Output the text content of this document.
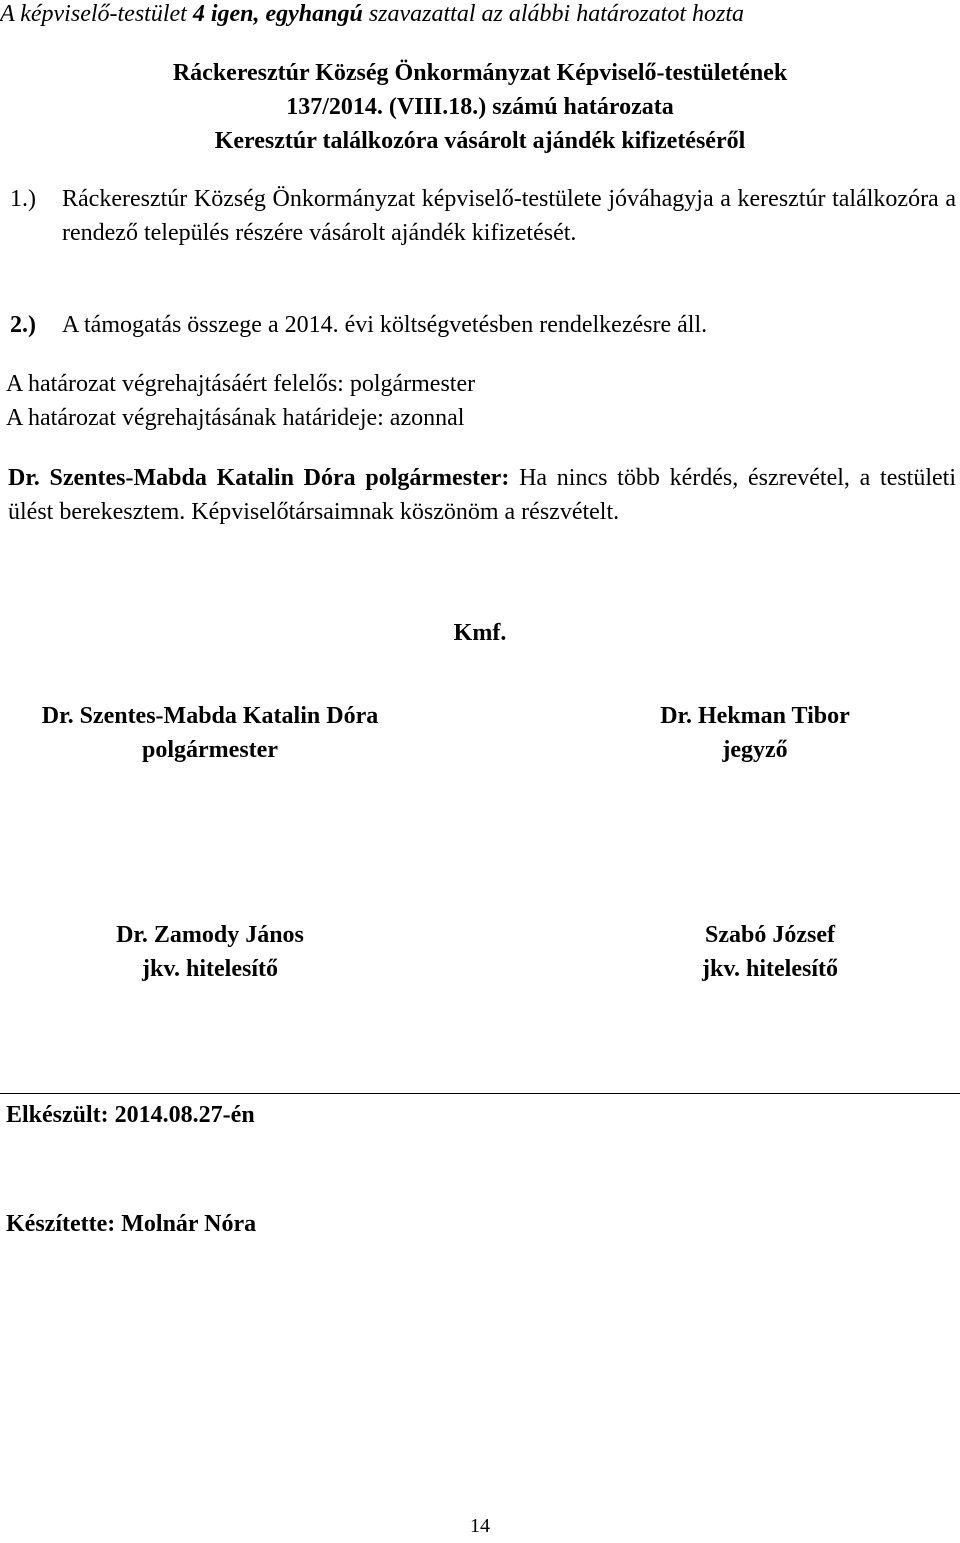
A képviselő-testület 4 igen, egyhangú szavazattal az alábbi határozatot hozta

Ráckeresztúr Község Önkormányzat Képviselő-testületének
137/2014. (VIII.18.) számú határozata
Keresztúr találkozóra vásárolt ajándék kifizetéséről
1.) Ráckeresztúr Község Önkormányzat képviselő-testülete jóváhagyja a keresztúr találkozóra a rendező település részére vásárolt ajándék kifizetését.
2.) A támogatás összege a 2014. évi költségvetésben rendelkezésre áll.

A határozat végrehajtásáért felelős: polgármester

A határozat végrehajtásának határideje: azonnal

Dr. Szentes-Mabda Katalin Dóra polgármester: Ha nincs több kérdés, észrevétel, a testületi ülést berekesztem. Képviselőtársaimnak köszönöm a részvételt.

Kmf.

Dr. Szentes-Mabda Katalin Dóra
polgármester
Dr. Hekman Tibor
jegyző
Dr. Zamody János
jkv. hitelesítő
Szabó József
jkv. hitelesítő

Elkészült: 2014.08.27-én

Készítette: Molnár Nóra

14
